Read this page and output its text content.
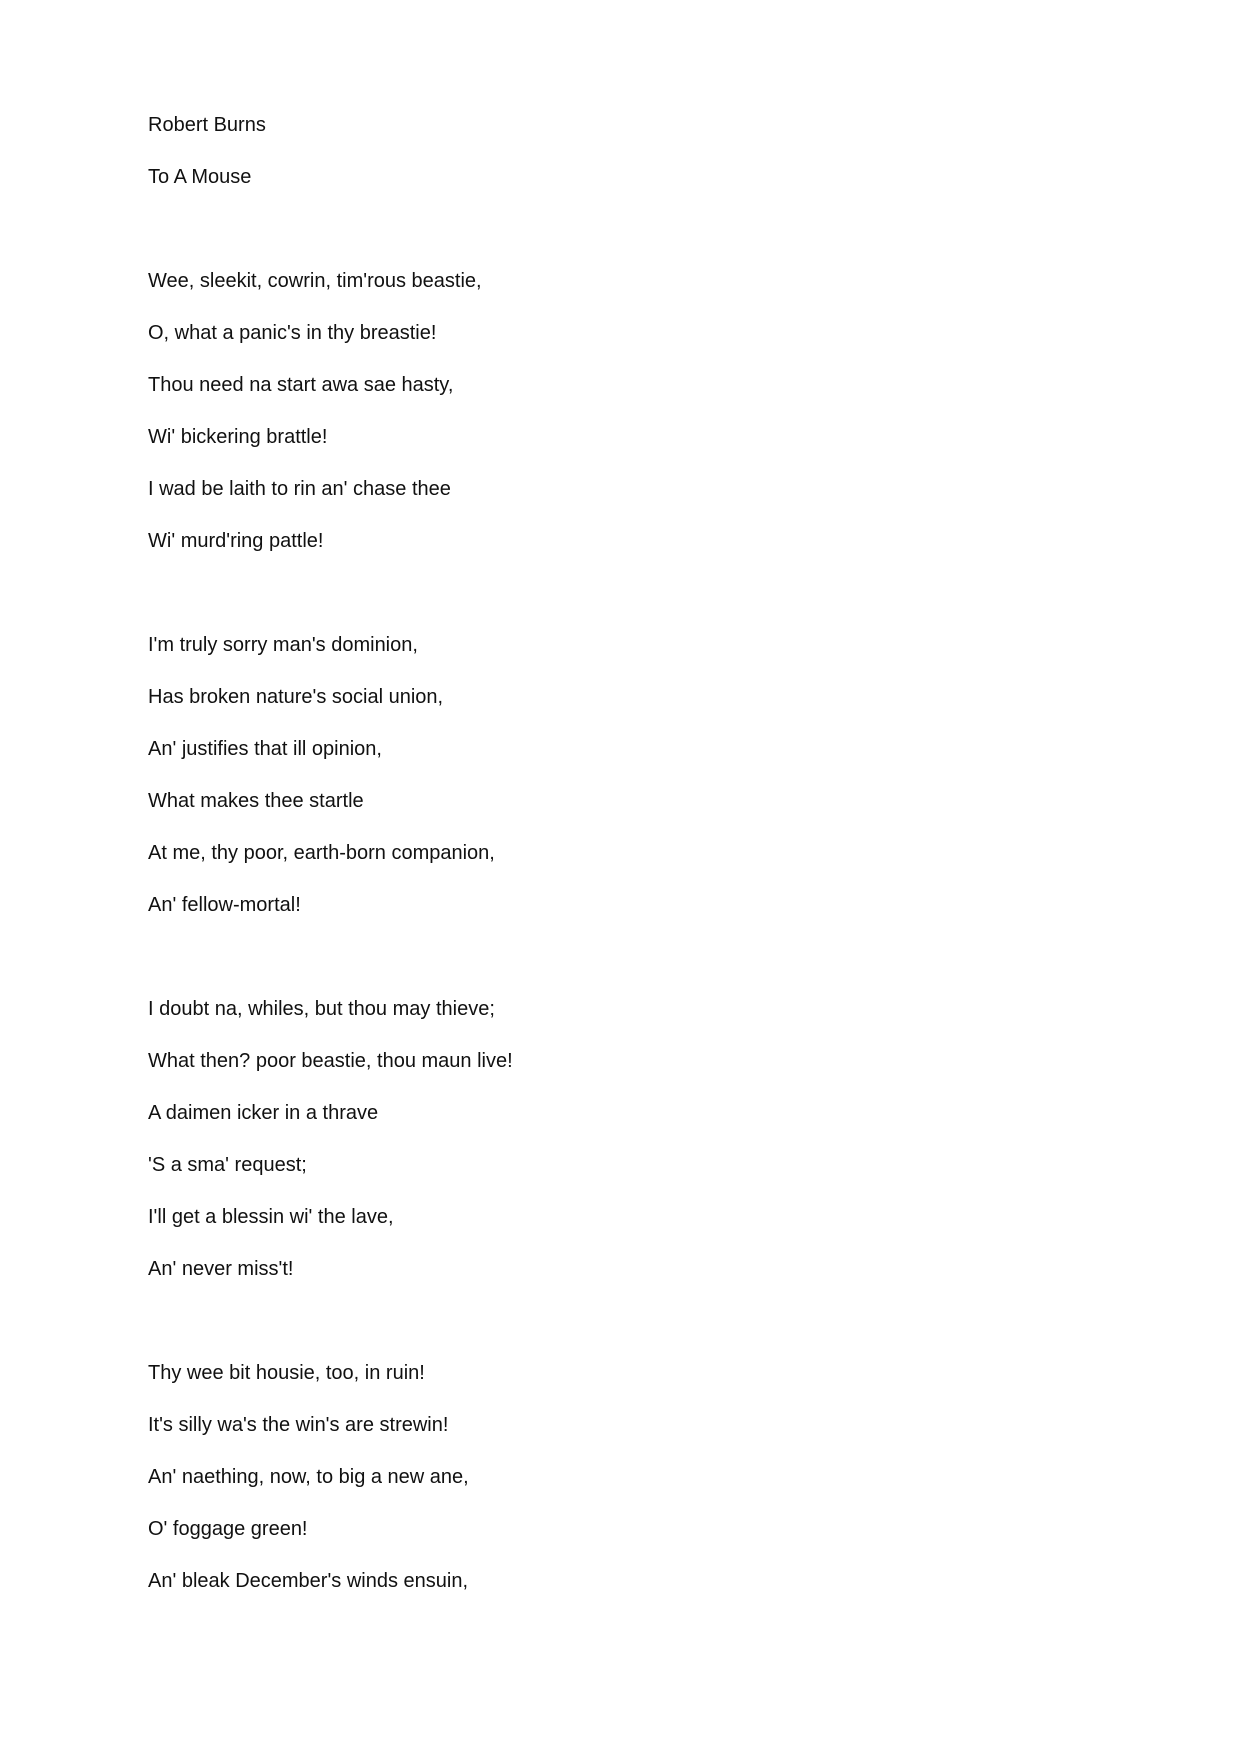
Robert Burns
To A Mouse
Wee, sleekit, cowrin, tim'rous beastie,
O, what a panic's in thy breastie!
Thou need na start awa sae hasty,
Wi' bickering brattle!
I wad be laith to rin an' chase thee
Wi' murd'ring pattle!
I'm truly sorry man's dominion,
Has broken nature's social union,
An' justifies that ill opinion,
What makes thee startle
At me, thy poor, earth-born companion,
An' fellow-mortal!
I doubt na, whiles, but thou may thieve;
What then? poor beastie, thou maun live!
A daimen icker in a thrave
'S a sma' request;
I'll get a blessin wi' the lave,
An' never miss't!
Thy wee bit housie, too, in ruin!
It's silly wa's the win's are strewin!
An' naething, now, to big a new ane,
O' foggage green!
An' bleak December's winds ensuin,
